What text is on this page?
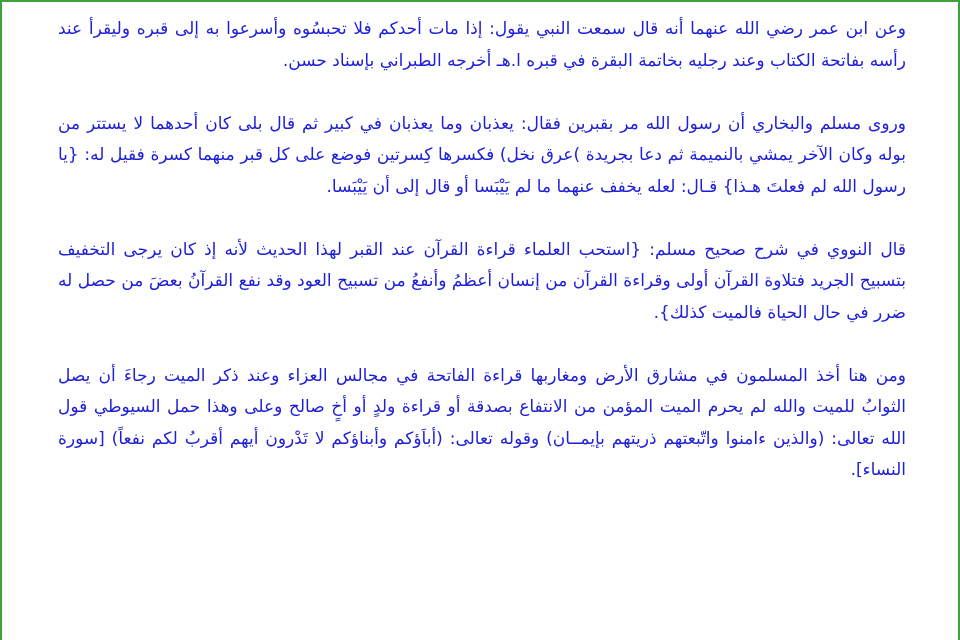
وعن ابن عمر رضي الله عنهما أنه قال سمعت النبي يقول: إذا مات أحدكم فلا تحبسُوه وأسرعوا به إلى قبره وليقرأ عند رأسه بفاتحة الكتاب وعند رجليه بخاتمة البقرة في قبره ا.هـ أخرجه الطبراني بإسناد حسن.

وروى مسلم والبخاري أن رسول الله مر بقبرين فقال: يعذبان وما يعذبان في كبير ثم قال بلى كان أحدهما لا يستتر من بوله وكان الآخر يمشي بالنميمة ثم دعا بجريدة )عرق نخل) فكسرها كِسرتين فوضع على كل قبر منهما كسرة فقيل له: {يا رسول الله لم فعلتَ هـذا} قـال: لعله يخفف عنهما ما لم يَيْبَسا أو قال إلى أن يَيْبَسا.

قال النووي في شرح صحيح مسلم: {استحب العلماء قراءة القرآن عند القبر لهذا الحديث لأنه إذ كان يرجى التخفيف بتسبيح الجريد فتلاوة القرآن أولى وقراءة القرآن من إنسان أعظمُ وأنفعُ من تسبيح العود وقد نفع القرآنُ بعضَ من حصل له ضرر في حال الحياة فالميت كذلك}.

ومن هنا أخذ المسلمون في مشارق الأرض ومغاربها قراءة الفاتحة في مجالس العزاء وعند ذكر الميت رجاءَ أن يصل الثوابُ للميت والله لم يحرم الميت المؤمن من الانتفاع بصدقة أو قراءة ولدٍ أو أخٍ صالح وعلى وهذا حمل السيوطي قول الله تعالى: (والذين ءامنوا واتّبعتهم ذريتهم بإيمــان) وقوله تعالى: (أباَؤكم وأبناؤكم لا تَدْرون أيهم أقربُ لكم نفعاً) [سورة النساء].
